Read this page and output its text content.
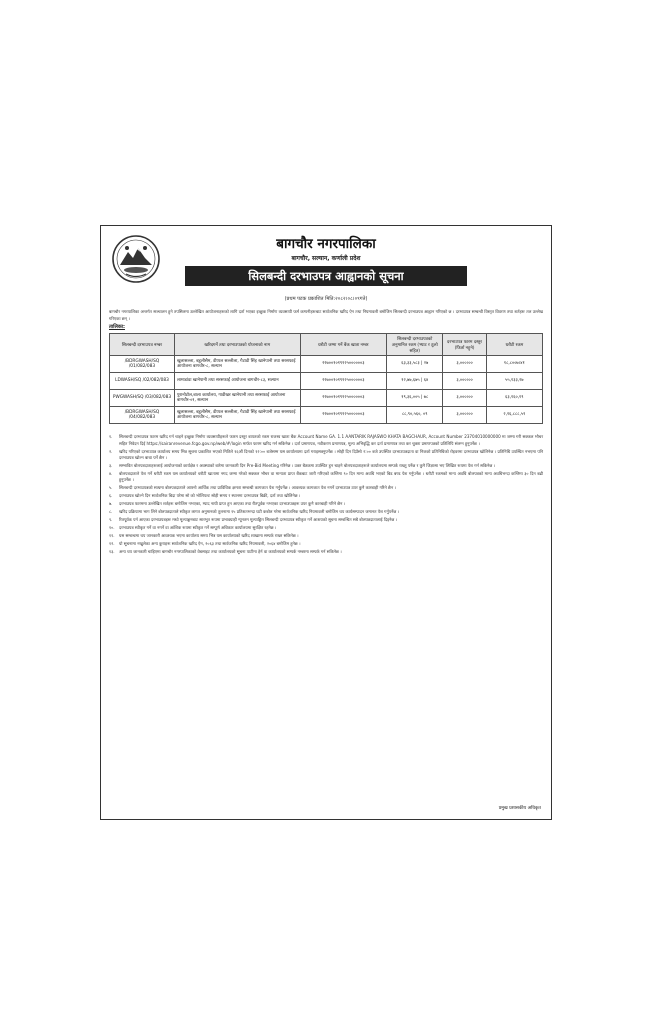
बागचौर नगरपालिका
बागचौर, सल्यान, कर्णाली प्रदेश
सिलबन्दी दरभाउपत्र आह्वानको सूचना
(प्रथम पटक प्रकाशित मिति:२०८२।०८।०९गते)
बागचौर नगरपालिका अन्तर्गत सञ्चालन हुने तपसिलमा उल्लेखित आयोजनाहरूको लागि दर्ता भएका इच्छुक निर्माण व्यवसायी फर्म कम्पनीहरूबाट सार्वजनिक खरिद ऐन तथा नियमावली बमोजिम सिलबन्दी दरभाउपत्र आह्वान गरिएको छ । दरभाउपत्र सम्बन्धी विस्तृत विवरण तथा शर्तहरू तल उल्लेख गरिएका छन् ।
तालिका:
सिलबन्दी दरभाउपत्र नम्बर	खरिदगर्ने तथा दरभाउपत्रको योजनाको नाम	धरौटी जम्मा गर्ने बैंक खाता नम्बर	सिलबन्दी दरभाउपत्रको अनुमानित रकम (भ्याट र ठूलो सहित)	दरभाउपत्र फारम दस्तुर (फिर्ता नहुने)	धरौटी रकम
/BDRGWASH/SQ /01/082/083	खुलासल्ला, बडुलीसैम, डीप्पल सल्लीला, गैटाडी सिंह खानेपानी तथा सरसफाई आयोजना बागचौर-८, सल्यान	२२७००१०१९१२५००००००३	६३,३३,५८३ | २७	३,०००।००	१८,८००७।४१
LDWASH/SQ /02/082/083	लामाडांडा खानेपानी तथा सरसफाई आयोजना बागचौर-८३, सल्यान	२२७००१०१९१२५००००००३	१२,७७,६७५ | ६४	३,०००।००	५५,१३३,२७
PWGWASH/SQ /03/082/083	पुरानोटोल,बाला कार्यालय, गाडीखर खानेपानी तथा सरसफाई आयोजना बागचौर-०१, सल्यान	२२७००१०१९१२५००००००३	१९,३६,००५ | ७८	३,०००।००	६३,१६०,१९
/BDRGWASH/SQ /04/082/083	खुलासल्ला, बडुलीसैम, डीप्पल सल्लीला, गैटाडी सिंह खानेपानी तथा सरसफाई आयोजना बागचौर-८, सल्यान	२२७००१०१९१२५००००००३	८८,९०,५६०, ०९	३,०००।००	२,१६,८८८,५१
१.	सिलबन्दी दरभाउपत्र फारम खरिद गर्न चाहने इच्छुक निर्माण व्यवसायीहरूले फारम दस्तुर बापतको रकम राजस्व खाता बैंक Account Name GA. 1.1 AANTARIK RAJASWO KHATA BAGCHAUR, Account Number 23704010000000 मा जम्मा गरी सक्कल भौचर सहित निवेदन दिई https://sairanrevenue.fcgo.gov.np/web/#/login मार्फत फारम खरिद गर्न सकिनेछ । दर्ता प्रमाणपत्र, नवीकरण प्रमाणपत्र, मूल्य अभिवृद्धि कर दर्ता प्रमाणपत्र तथा कर चुक्ता प्रमाणपत्रको प्रतिलिपि संलग्न हुनुपर्नेछ ।
२.	खरिद गरिएको दरभाउपत्र कार्यालय समय भित्र सूचना प्रकाशित भएको मितिले १६औं दिनको १२:०० बजेसम्म यस कार्यालयमा दर्ता गराइसक्नुपर्नेछ । सोही दिन दिउँसो २:०० बजे उपस्थित दरभाउपत्रदाता वा निजको प्रतिनिधिको रोहवरमा दरभाउपत्र खोलिनेछ । प्रतिनिधि उपस्थित नभएमा पनि दरभाउपत्र खोल्न बाधा पर्ने छैन ।
३.	सम्भावित बोलपत्रदाताहरूलाई आयोजनाको कार्यक्षेत्र र अवस्थाको बारेमा जानकारी दिन Pre-Bid Meeting गरिनेछ । उक्त बैठकमा उपस्थित हुन चाहने बोलपत्रदाताहरूले कार्यालयमा सम्पर्क राख्नु पर्नेछ र कुनै जिज्ञासा भए लिखित रूपमा पेश गर्न सकिनेछ ।
४.	बोलपत्रदाताले पेश गर्ने धरौटी रकम यस कार्यालयको धरौटी खातामा नगद जम्मा गरेको सक्कल भौचर वा मान्यता प्राप्त बैंकबाट जारी गरिएको कम्तिमा ९० दिन मान्य अवधि भएको बिड बण्ड पेश गर्नुपर्नेछ । धरौटी रकमको मान्य अवधि बोलपत्रको मान्य अवधिभन्दा कम्तिमा ३० दिन बढी हुनुपर्नेछ ।
५.	सिलबन्दी दरभाउपत्रको साथमा बोलपत्रदाताले आफ्नो आर्थिक तथा प्राविधिक क्षमता सम्बन्धी कागजात पेश गर्नुपर्नेछ । आवश्यक कागजात पेश नगर्ने दरभाउपत्र उपर कुनै कारबाही गरिने छैन ।
६.	दरभाउपत्र खोल्ने दिन सार्वजनिक बिदा परेमा सो को भोलिपल्ट सोही समय र स्थानमा दरभाउपत्र बिक्री, दर्ता तथा खोलिनेछ ।
७.	दरभाउपत्र फारममा उल्लेखित शर्तहरू बमोजिम नभएका, म्याद नाघी प्राप्त हुन आएका तथा रीतपूर्वक नभएका दरभाउपत्रहरू उपर कुनै कारबाही गरिने छैन ।
८.	खरिद प्रक्रियामा भाग लिने बोलपत्रदाताले स्वीकृत लागत अनुमानको तुलनामा १५ प्रतिशतभन्दा घटी कबोल गरेमा सार्वजनिक खरिद नियमावली बमोजिम थप कार्यसम्पादन जमानत पेश गर्नुपर्नेछ ।
९.	रितपूर्वक पर्न आएका दरभाउपत्रहरू मध्ये मूल्याङ्कनबाट सारभूत रूपमा प्रभावग्राही न्यूनतम मूल्याङ्कित सिलबन्दी दरभाउपत्र स्वीकृत गर्ने आशयको सूचना सम्बन्धित सबै बोलपत्रदातालाई दिइनेछ ।
१०.	दरभाउपत्र स्वीकृत गर्ने वा नगर्ने वा आंशिक रूपमा स्वीकृत गर्ने सम्पूर्ण अधिकार कार्यालयमा सुरक्षित रहनेछ ।
११.	यस सम्बन्धमा थप जानकारी आवश्यक भएमा कार्यालय समय भित्र यस कार्यालयको खरिद शाखामा सम्पर्क राख्न सकिनेछ ।
१२.	यो सूचनामा नखुलेका अन्य कुराहरू सार्वजनिक खरिद ऐन, २०६३ तथा सार्वजनिक खरिद नियमावली, २०६४ बमोजिम हुनेछ ।
१३.	अन्य थप जानकारी चाहिएमा बागचौर नगरपालिकाको वेबसाइट तथा कार्यालयको सूचना पाटीमा हेर्न वा कार्यालयको सम्पर्क नम्बरमा सम्पर्क गर्न सकिनेछ ।
प्रमुख प्रशासकीय अधिकृत
